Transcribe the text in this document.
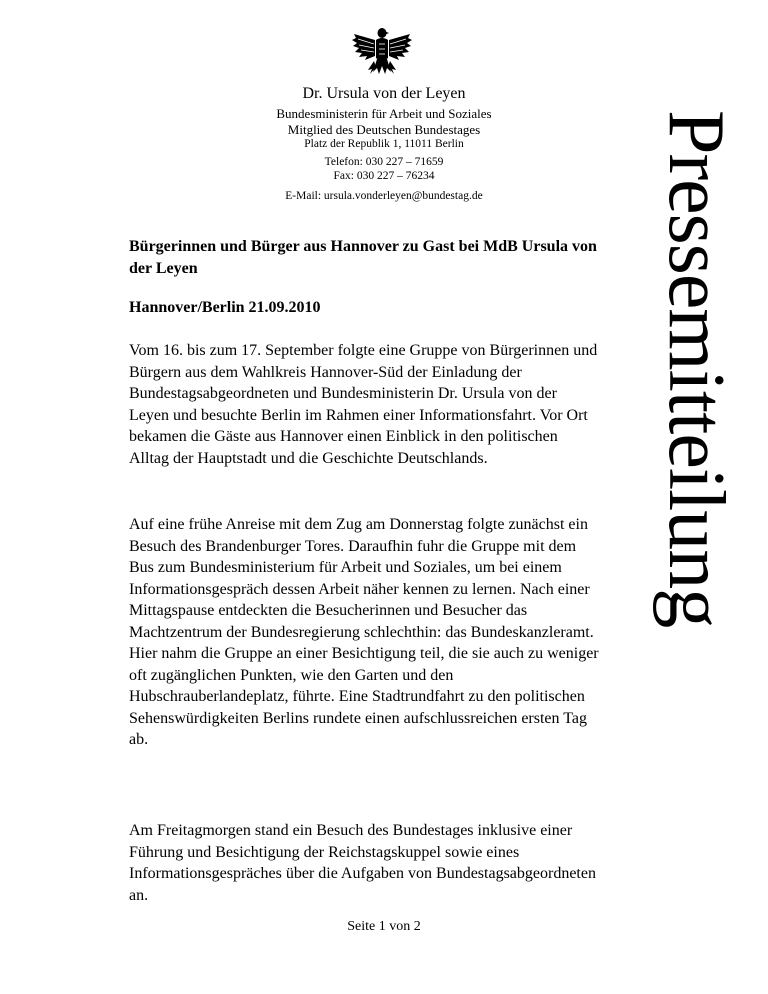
Dr. Ursula von der Leyen
Bundesministerin für Arbeit und Soziales
Mitglied des Deutschen Bundestages
Platz der Republik 1, 11011 Berlin
Telefon: 030 227 – 71659
Fax: 030 227 – 76234
E-Mail: ursula.vonderleyen@bundestag.de	Pressemitteilung
Bürgerinnen und Bürger aus Hannover zu Gast bei MdB Ursula von der Leyen
Hannover/Berlin 21.09.2010

Vom 16. bis zum 17. September folgte eine Gruppe von Bürgerinnen und Bürgern aus dem Wahlkreis Hannover-Süd der Einladung der Bundestagsabgeordneten und Bundesministerin Dr. Ursula von der Leyen und besuchte Berlin im Rahmen einer Informationsfahrt. Vor Ort bekamen die Gäste aus Hannover einen Einblick in den politischen Alltag der Hauptstadt und die Geschichte Deutschlands.

Auf eine frühe Anreise mit dem Zug am Donnerstag folgte zunächst ein Besuch des Brandenburger Tores. Daraufhin fuhr die Gruppe mit dem Bus zum Bundesministerium für Arbeit und Soziales, um bei einem Informationsgespräch dessen Arbeit näher kennen zu lernen. Nach einer Mittagspause entdeckten die Besucherinnen und Besucher das Machtzentrum der Bundesregierung schlechthin: das Bundeskanzleramt. Hier nahm die Gruppe an einer Besichtigung teil, die sie auch zu weniger oft zugänglichen Punkten, wie den Garten und den Hubschrauberlandeplatz, führte. Eine Stadtrundfahrt zu den politischen Sehenswürdigkeiten Berlins rundete einen aufschlussreichen ersten Tag ab.

Am Freitagmorgen stand ein Besuch des Bundestages inklusive einer Führung und Besichtigung der Reichstagskuppel sowie eines Informationsgespräches über die Aufgaben von Bundestagsabgeordneten an.

Seite 1 von 2
